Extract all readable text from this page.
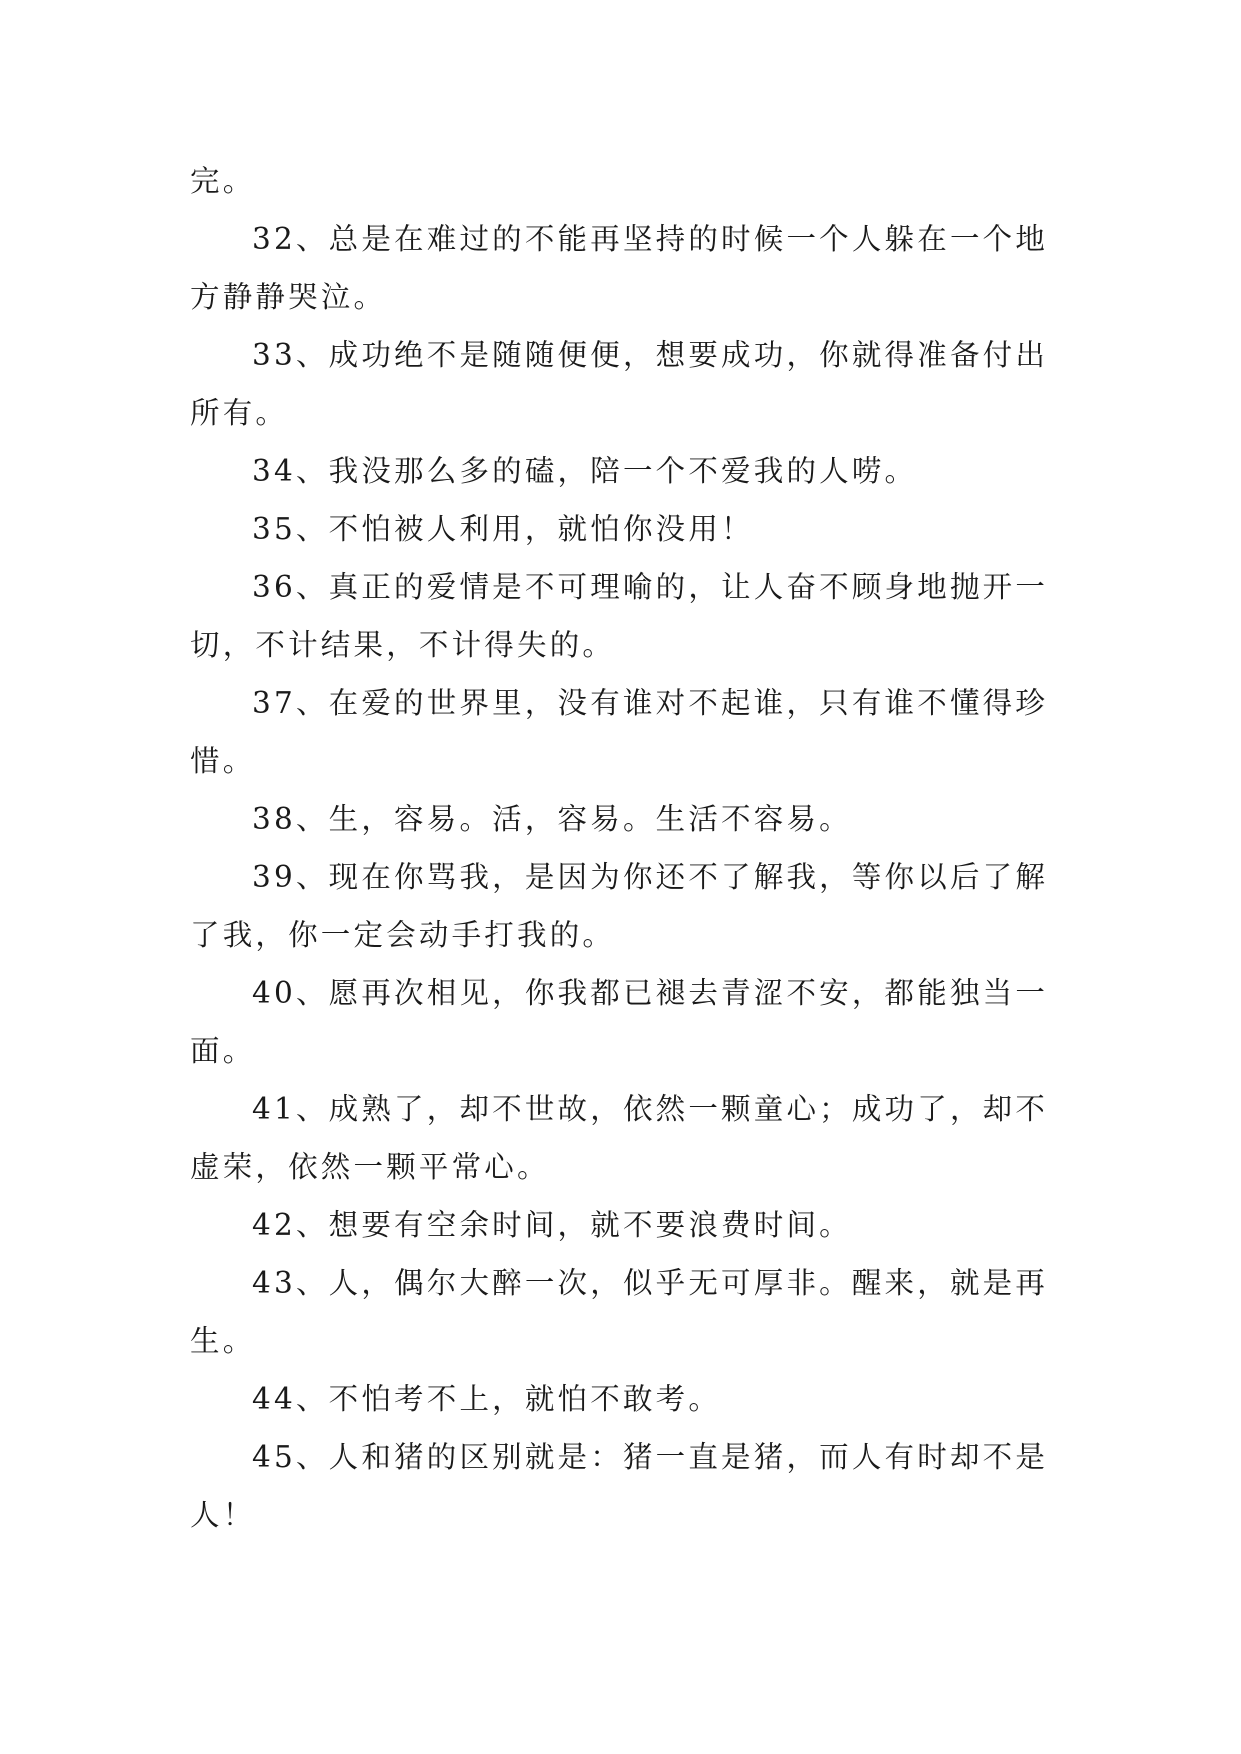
完。

32、总是在难过的不能再坚持的时候一个人躲在一个地方静静哭泣。

33、成功绝不是随随便便，想要成功，你就得准备付出所有。

34、我没那么多的磕，陪一个不爱我的人唠。

35、不怕被人利用，就怕你没用！

36、真正的爱情是不可理喻的，让人奋不顾身地抛开一切，不计结果，不计得失的。

37、在爱的世界里，没有谁对不起谁，只有谁不懂得珍惜。

38、生，容易。活，容易。生活不容易。

39、现在你骂我，是因为你还不了解我，等你以后了解了我，你一定会动手打我的。

40、愿再次相见，你我都已褪去青涩不安，都能独当一面。

41、成熟了，却不世故，依然一颗童心；成功了，却不虚荣，依然一颗平常心。

42、想要有空余时间，就不要浪费时间。

43、人，偶尔大醉一次，似乎无可厚非。醒来，就是再生。

44、不怕考不上，就怕不敢考。

45、人和猪的区别就是：猪一直是猪，而人有时却不是人！
